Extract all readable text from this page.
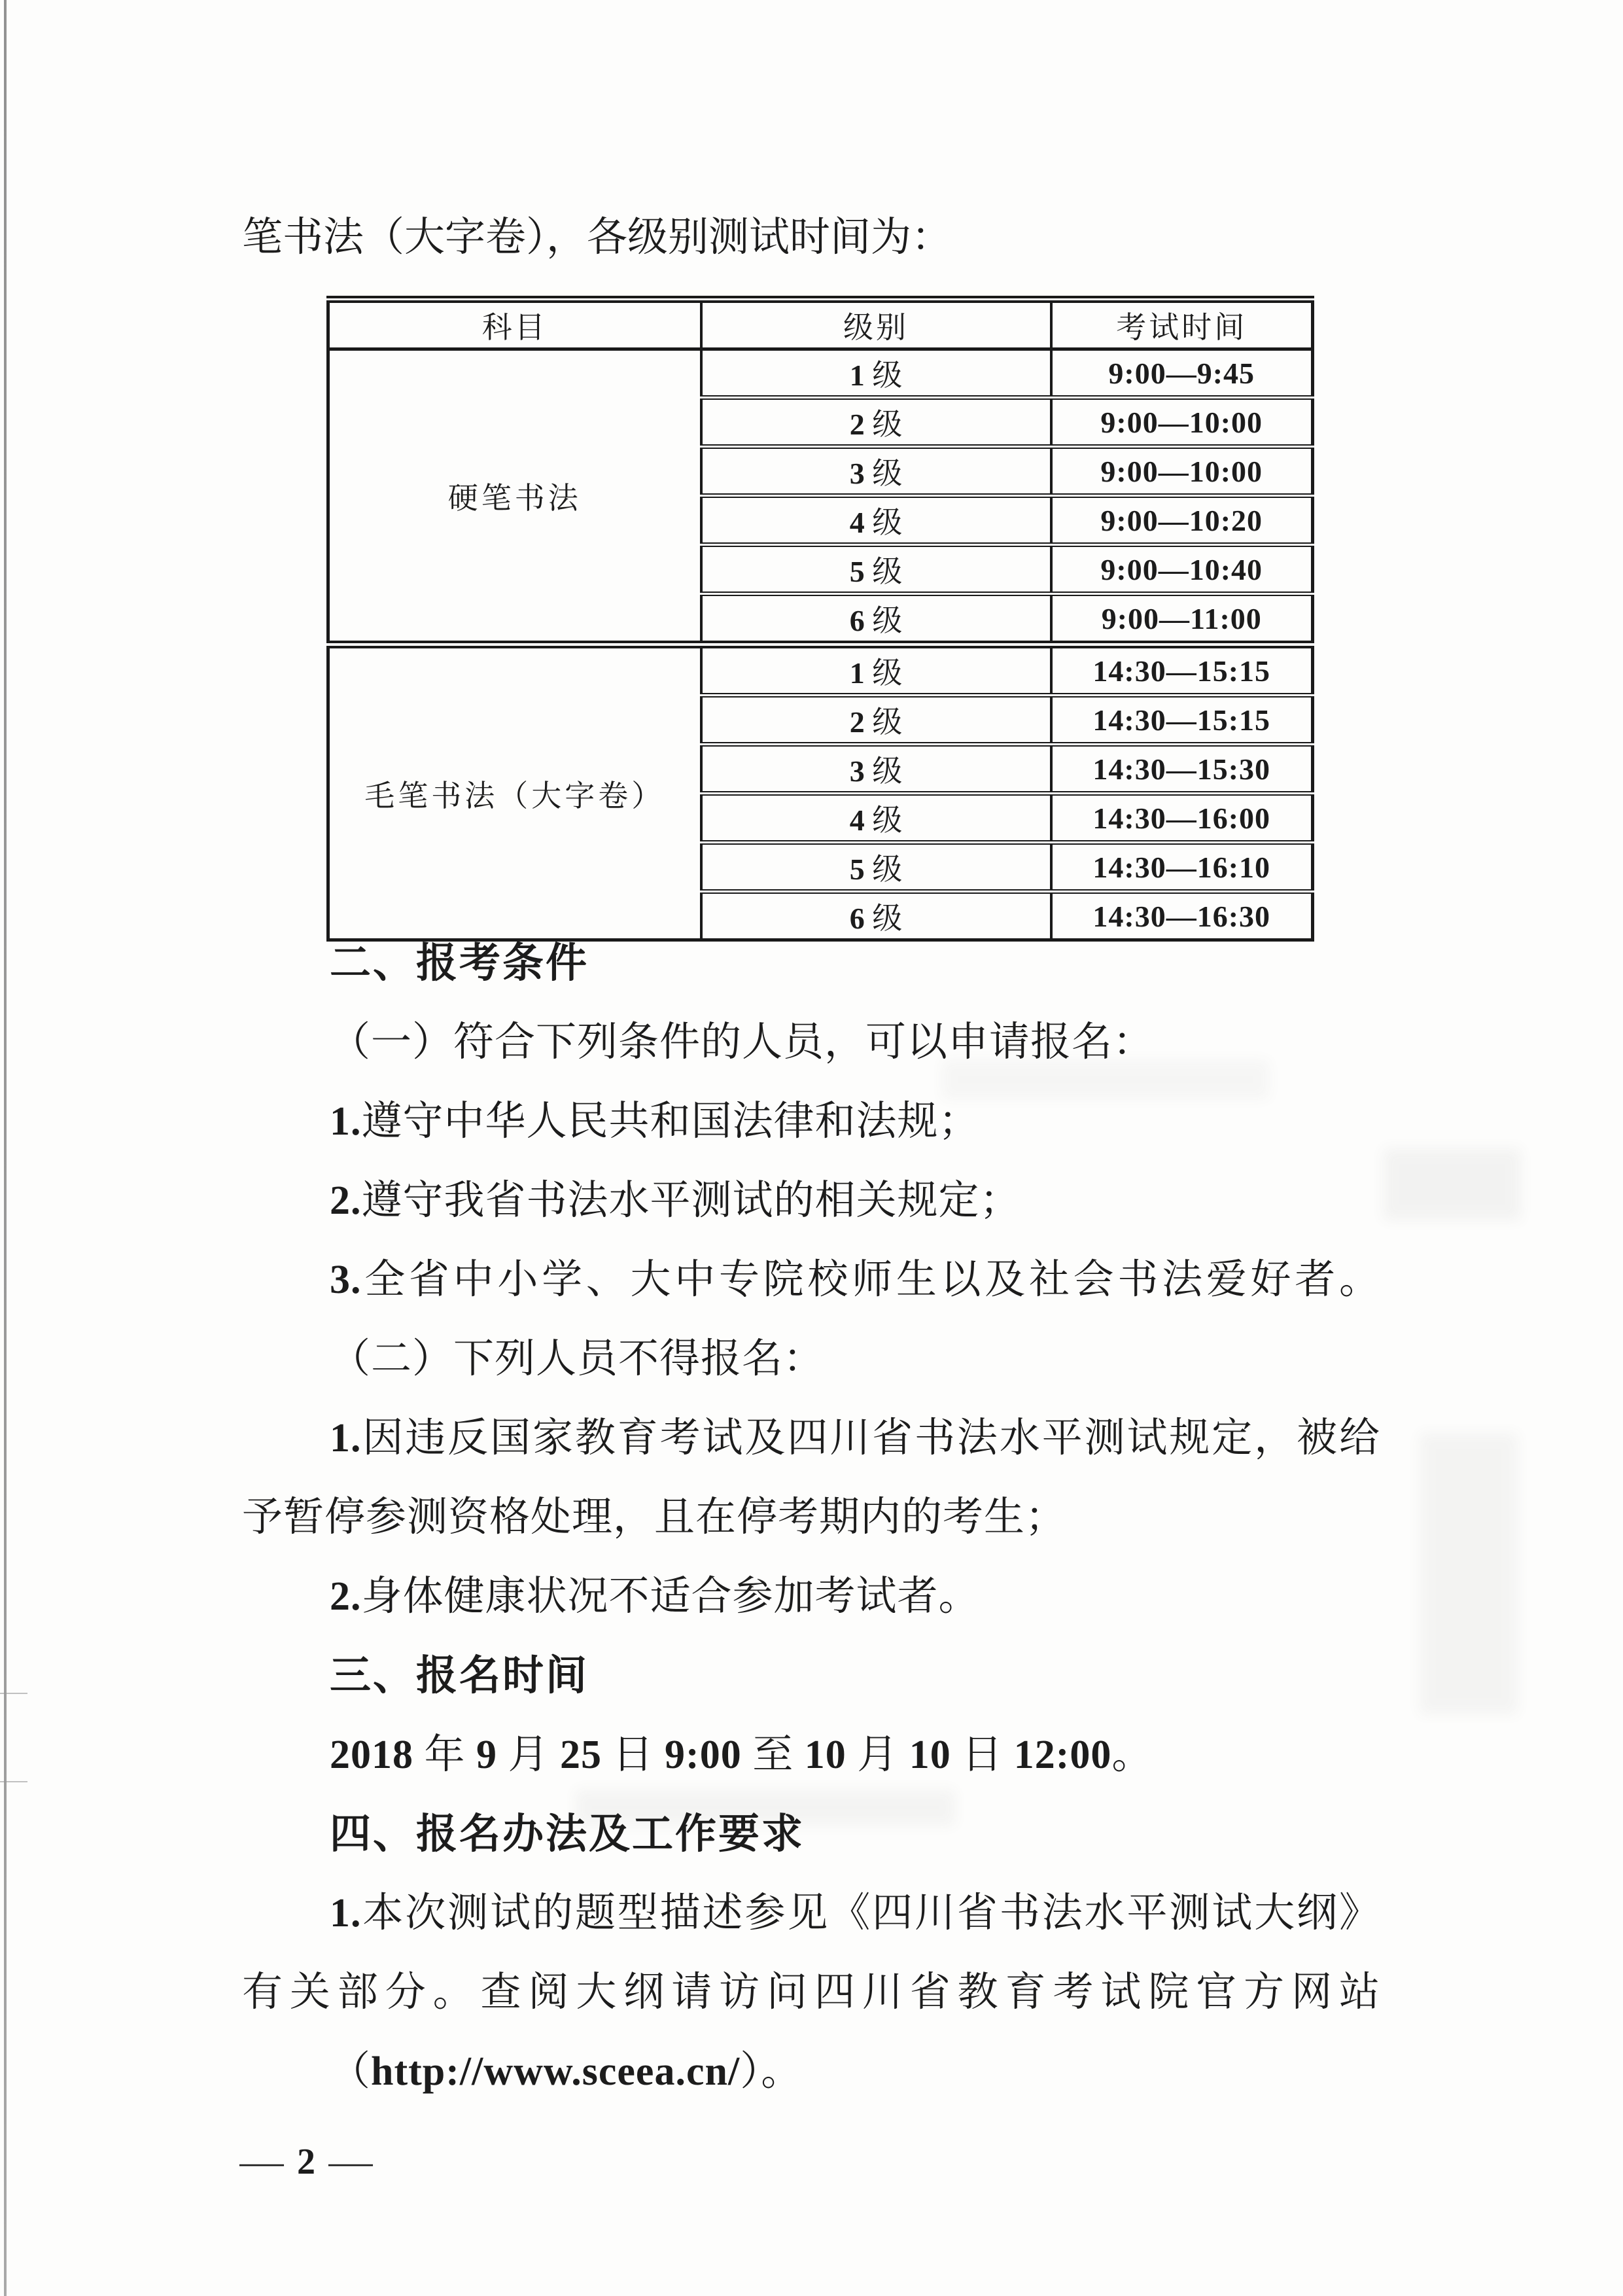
笔书法（大字卷），各级别测试时间为：
科目	级别	考试时间
硬笔书法	1 级	9:00—9:45
	2 级	9:00—10:00
	3 级	9:00—10:00
	4 级	9:00—10:20
	5 级	9:00—10:40
	6 级	9:00—11:00
毛笔书法（大字卷）	1 级	14:30—15:15
	2 级	14:30—15:15
	3 级	14:30—15:30
	4 级	14:30—16:00
	5 级	14:30—16:10
	6 级	14:30—16:30
二、报考条件
（一）符合下列条件的人员，可以申请报名：
1.遵守中华人民共和国法律和法规；
2.遵守我省书法水平测试的相关规定；
3.全省中小学、大中专院校师生以及社会书法爱好者。
（二）下列人员不得报名：
1.因违反国家教育考试及四川省书法水平测试规定，被给
予暂停参测资格处理，且在停考期内的考生；
2.身体健康状况不适合参加考试者。
三、报名时间
2018 年 9 月 25 日 9:00 至 10 月 10 日 12:00。
四、报名办法及工作要求
1.本次测试的题型描述参见《四川省书法水平测试大纲》
有关部分。查阅大纲请访问四川省教育考试院官方网站
（http://www.sceea.cn/）。
— 2 —
